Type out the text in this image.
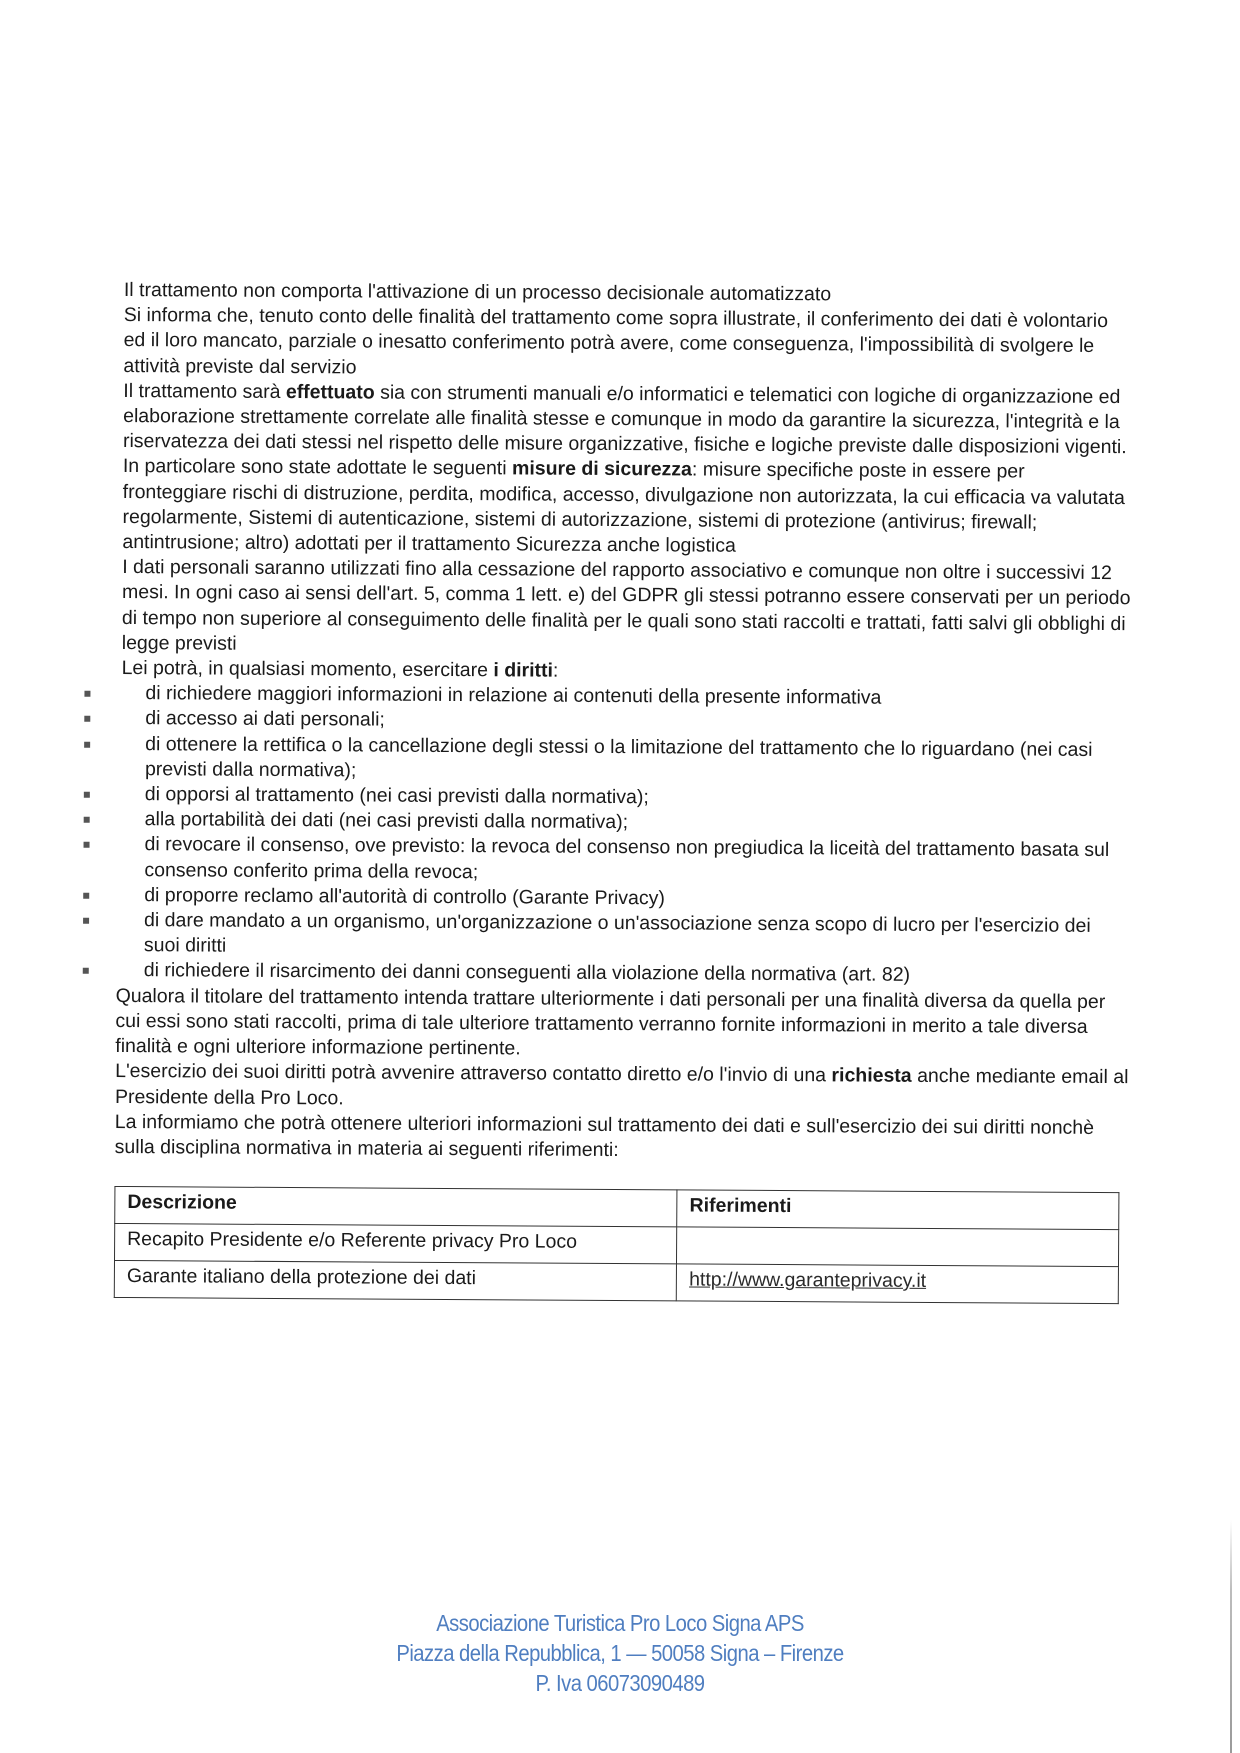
Il trattamento non comporta l'attivazione di un processo decisionale automatizzato

Si informa che, tenuto conto delle finalità del trattamento come sopra illustrate, il conferimento dei dati è volontario ed il loro mancato, parziale o inesatto conferimento potrà avere, come conseguenza, l'impossibilità di svolgere le attività previste dal servizio

Il trattamento sarà effettuato sia con strumenti manuali e/o informatici e telematici con logiche di organizzazione ed elaborazione strettamente correlate alle finalità stesse e comunque in modo da garantire la sicurezza, l'integrità e la riservatezza dei dati stessi nel rispetto delle misure organizzative, fisiche e logiche previste dalle disposizioni vigenti.

In particolare sono state adottate le seguenti misure di sicurezza: misure specifiche poste in essere per fronteggiare rischi di distruzione, perdita, modifica, accesso, divulgazione non autorizzata, la cui efficacia va valutata regolarmente, Sistemi di autenticazione, sistemi di autorizzazione, sistemi di protezione (antivirus; firewall; antintrusione; altro) adottati per il trattamento Sicurezza anche logistica

I dati personali saranno utilizzati fino alla cessazione del rapporto associativo e comunque non oltre i successivi 12 mesi. In ogni caso ai sensi dell'art. 5, comma 1 lett. e) del GDPR gli stessi potranno essere conservati per un periodo di tempo non superiore al conseguimento delle finalità per le quali sono stati raccolti e trattati, fatti salvi gli obblighi di legge previsti

Lei potrà, in qualsiasi momento, esercitare i diritti:

di richiedere maggiori informazioni in relazione ai contenuti della presente informativa
di accesso ai dati personali;
di ottenere la rettifica o la cancellazione degli stessi o la limitazione del trattamento che lo riguardano (nei casi previsti dalla normativa);
di opporsi al trattamento (nei casi previsti dalla normativa);
alla portabilità dei dati (nei casi previsti dalla normativa);
di revocare il consenso, ove previsto: la revoca del consenso non pregiudica la liceità del trattamento basata sul consenso conferito prima della revoca;
di proporre reclamo all'autorità di controllo (Garante Privacy)
di dare mandato a un organismo, un'organizzazione o un'associazione senza scopo di lucro per l'esercizio dei suoi diritti
di richiedere il risarcimento dei danni conseguenti alla violazione della normativa (art. 82)

Qualora il titolare del trattamento intenda trattare ulteriormente i dati personali per una finalità diversa da quella per cui essi sono stati raccolti, prima di tale ulteriore trattamento verranno fornite informazioni in merito a tale diversa finalità e ogni ulteriore informazione pertinente.

L'esercizio dei suoi diritti potrà avvenire attraverso contatto diretto e/o l'invio di una richiesta anche mediante email al Presidente della Pro Loco.

La informiamo che potrà ottenere ulteriori informazioni sul trattamento dei dati e sull'esercizio dei sui diritti nonchè sulla disciplina normativa in materia ai seguenti riferimenti:

Descrizione	Riferimenti
Recapito Presidente e/o Referente privacy Pro Loco	
Garante italiano della protezione dei dati	http://www.garanteprivacy.it
Associazione Turistica Pro Loco Signa APS
Piazza della Repubblica, 1 — 50058 Signa – Firenze
P. Iva 06073090489
